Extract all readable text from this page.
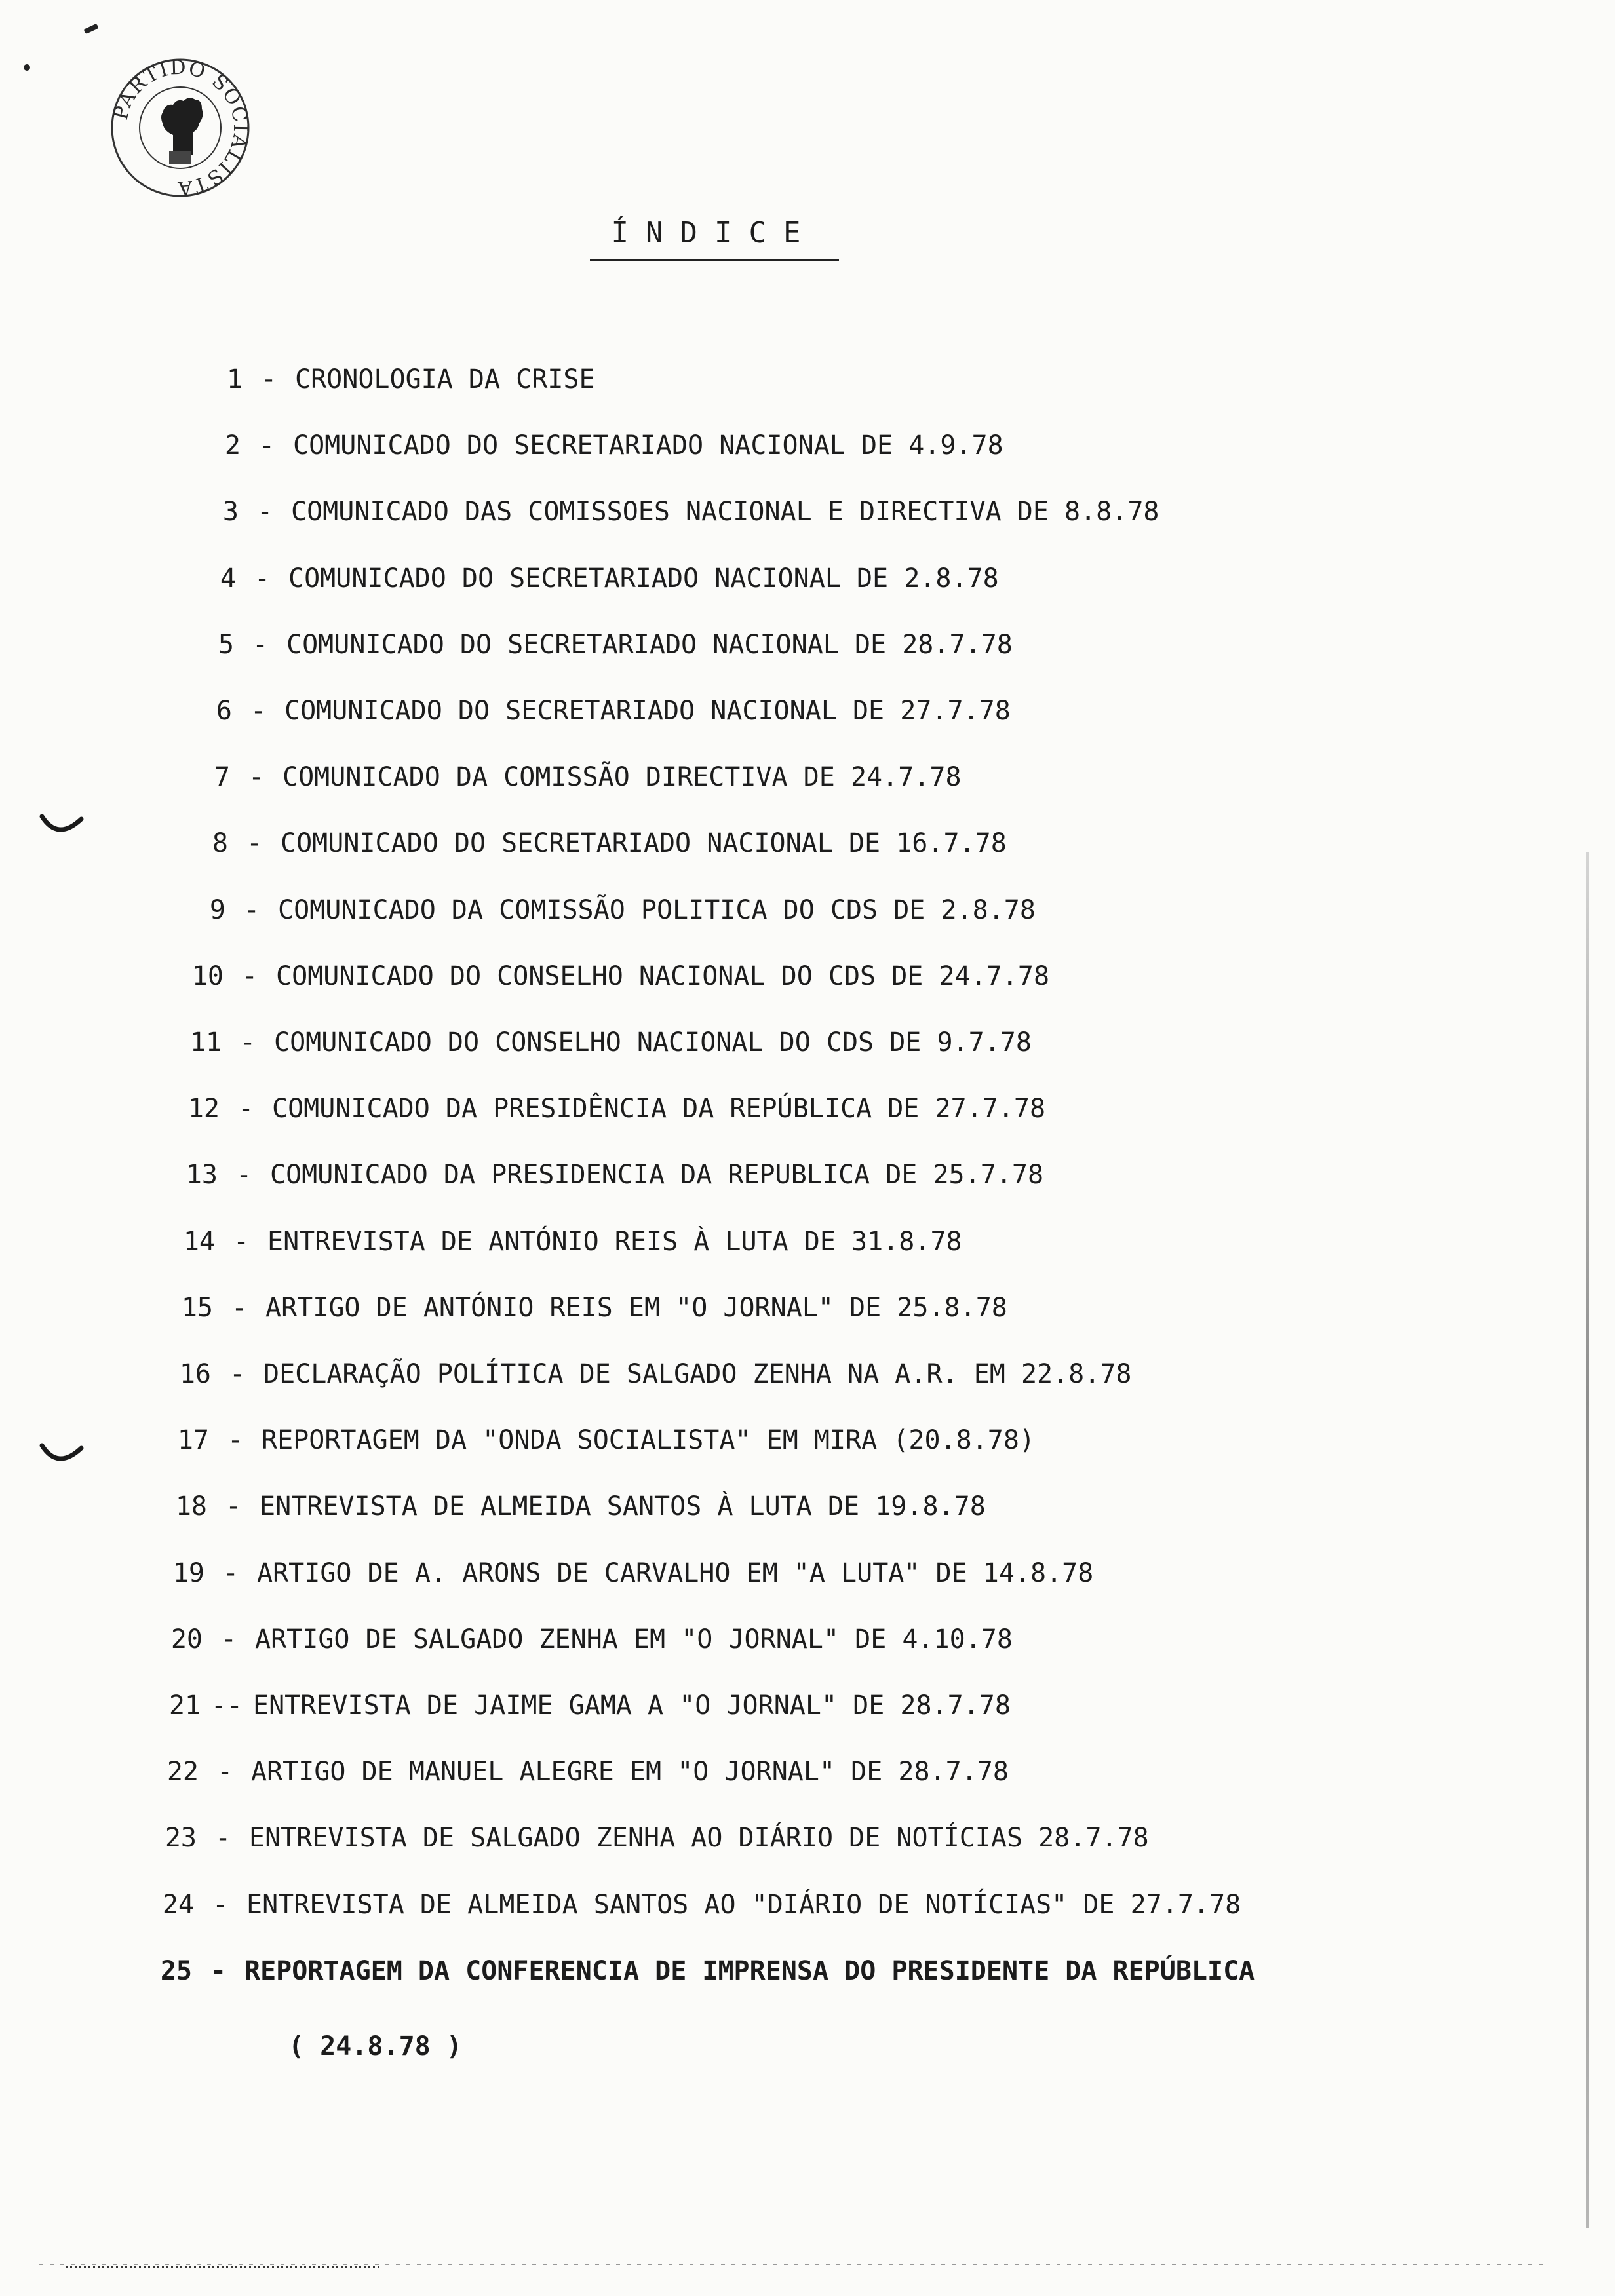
PARTIDO SOCIALISTA
ÍNDICE
1 - CRONOLOGIA DA CRISE
2 - COMUNICADO DO SECRETARIADO NACIONAL DE 4.9.78
3 - COMUNICADO DAS COMISSOES NACIONAL E DIRECTIVA DE 8.8.78
4 - COMUNICADO DO SECRETARIADO NACIONAL DE 2.8.78
5 - COMUNICADO DO SECRETARIADO NACIONAL DE 28.7.78
6 - COMUNICADO DO SECRETARIADO NACIONAL DE 27.7.78
7 - COMUNICADO DA COMISSÃO DIRECTIVA DE 24.7.78
8 - COMUNICADO DO SECRETARIADO NACIONAL DE 16.7.78
9 - COMUNICADO DA COMISSÃO POLITICA DO CDS DE 2.8.78
10 - COMUNICADO DO CONSELHO NACIONAL DO CDS DE 24.7.78
11 - COMUNICADO DO CONSELHO NACIONAL DO CDS DE 9.7.78
12 - COMUNICADO DA PRESIDÊNCIA DA REPÚBLICA DE 27.7.78
13 - COMUNICADO DA PRESIDENCIA DA REPUBLICA DE 25.7.78
14 - ENTREVISTA DE ANTÓNIO REIS À LUTA DE 31.8.78
15 - ARTIGO DE ANTÓNIO REIS EM "O JORNAL" DE 25.8.78
16 - DECLARAÇÃO POLÍTICA DE SALGADO ZENHA NA A.R. EM 22.8.78
17 - REPORTAGEM DA "ONDA SOCIALISTA" EM MIRA (20.8.78)
18 - ENTREVISTA DE ALMEIDA SANTOS À LUTA DE 19.8.78
19 - ARTIGO DE A. ARONS DE CARVALHO EM "A LUTA" DE 14.8.78
20 - ARTIGO DE SALGADO ZENHA EM "O JORNAL" DE 4.10.78
21 -- ENTREVISTA DE JAIME GAMA A "O JORNAL" DE 28.7.78
22 - ARTIGO DE MANUEL ALEGRE EM "O JORNAL" DE 28.7.78
23 - ENTREVISTA DE SALGADO ZENHA AO DIÁRIO DE NOTÍCIAS 28.7.78
24 - ENTREVISTA DE ALMEIDA SANTOS AO "DIÁRIO DE NOTÍCIAS" DE 27.7.78
25 - REPORTAGEM DA CONFERENCIA DE IMPRENSA DO PRESIDENTE DA REPÚBLICA
( 24.8.78 )
